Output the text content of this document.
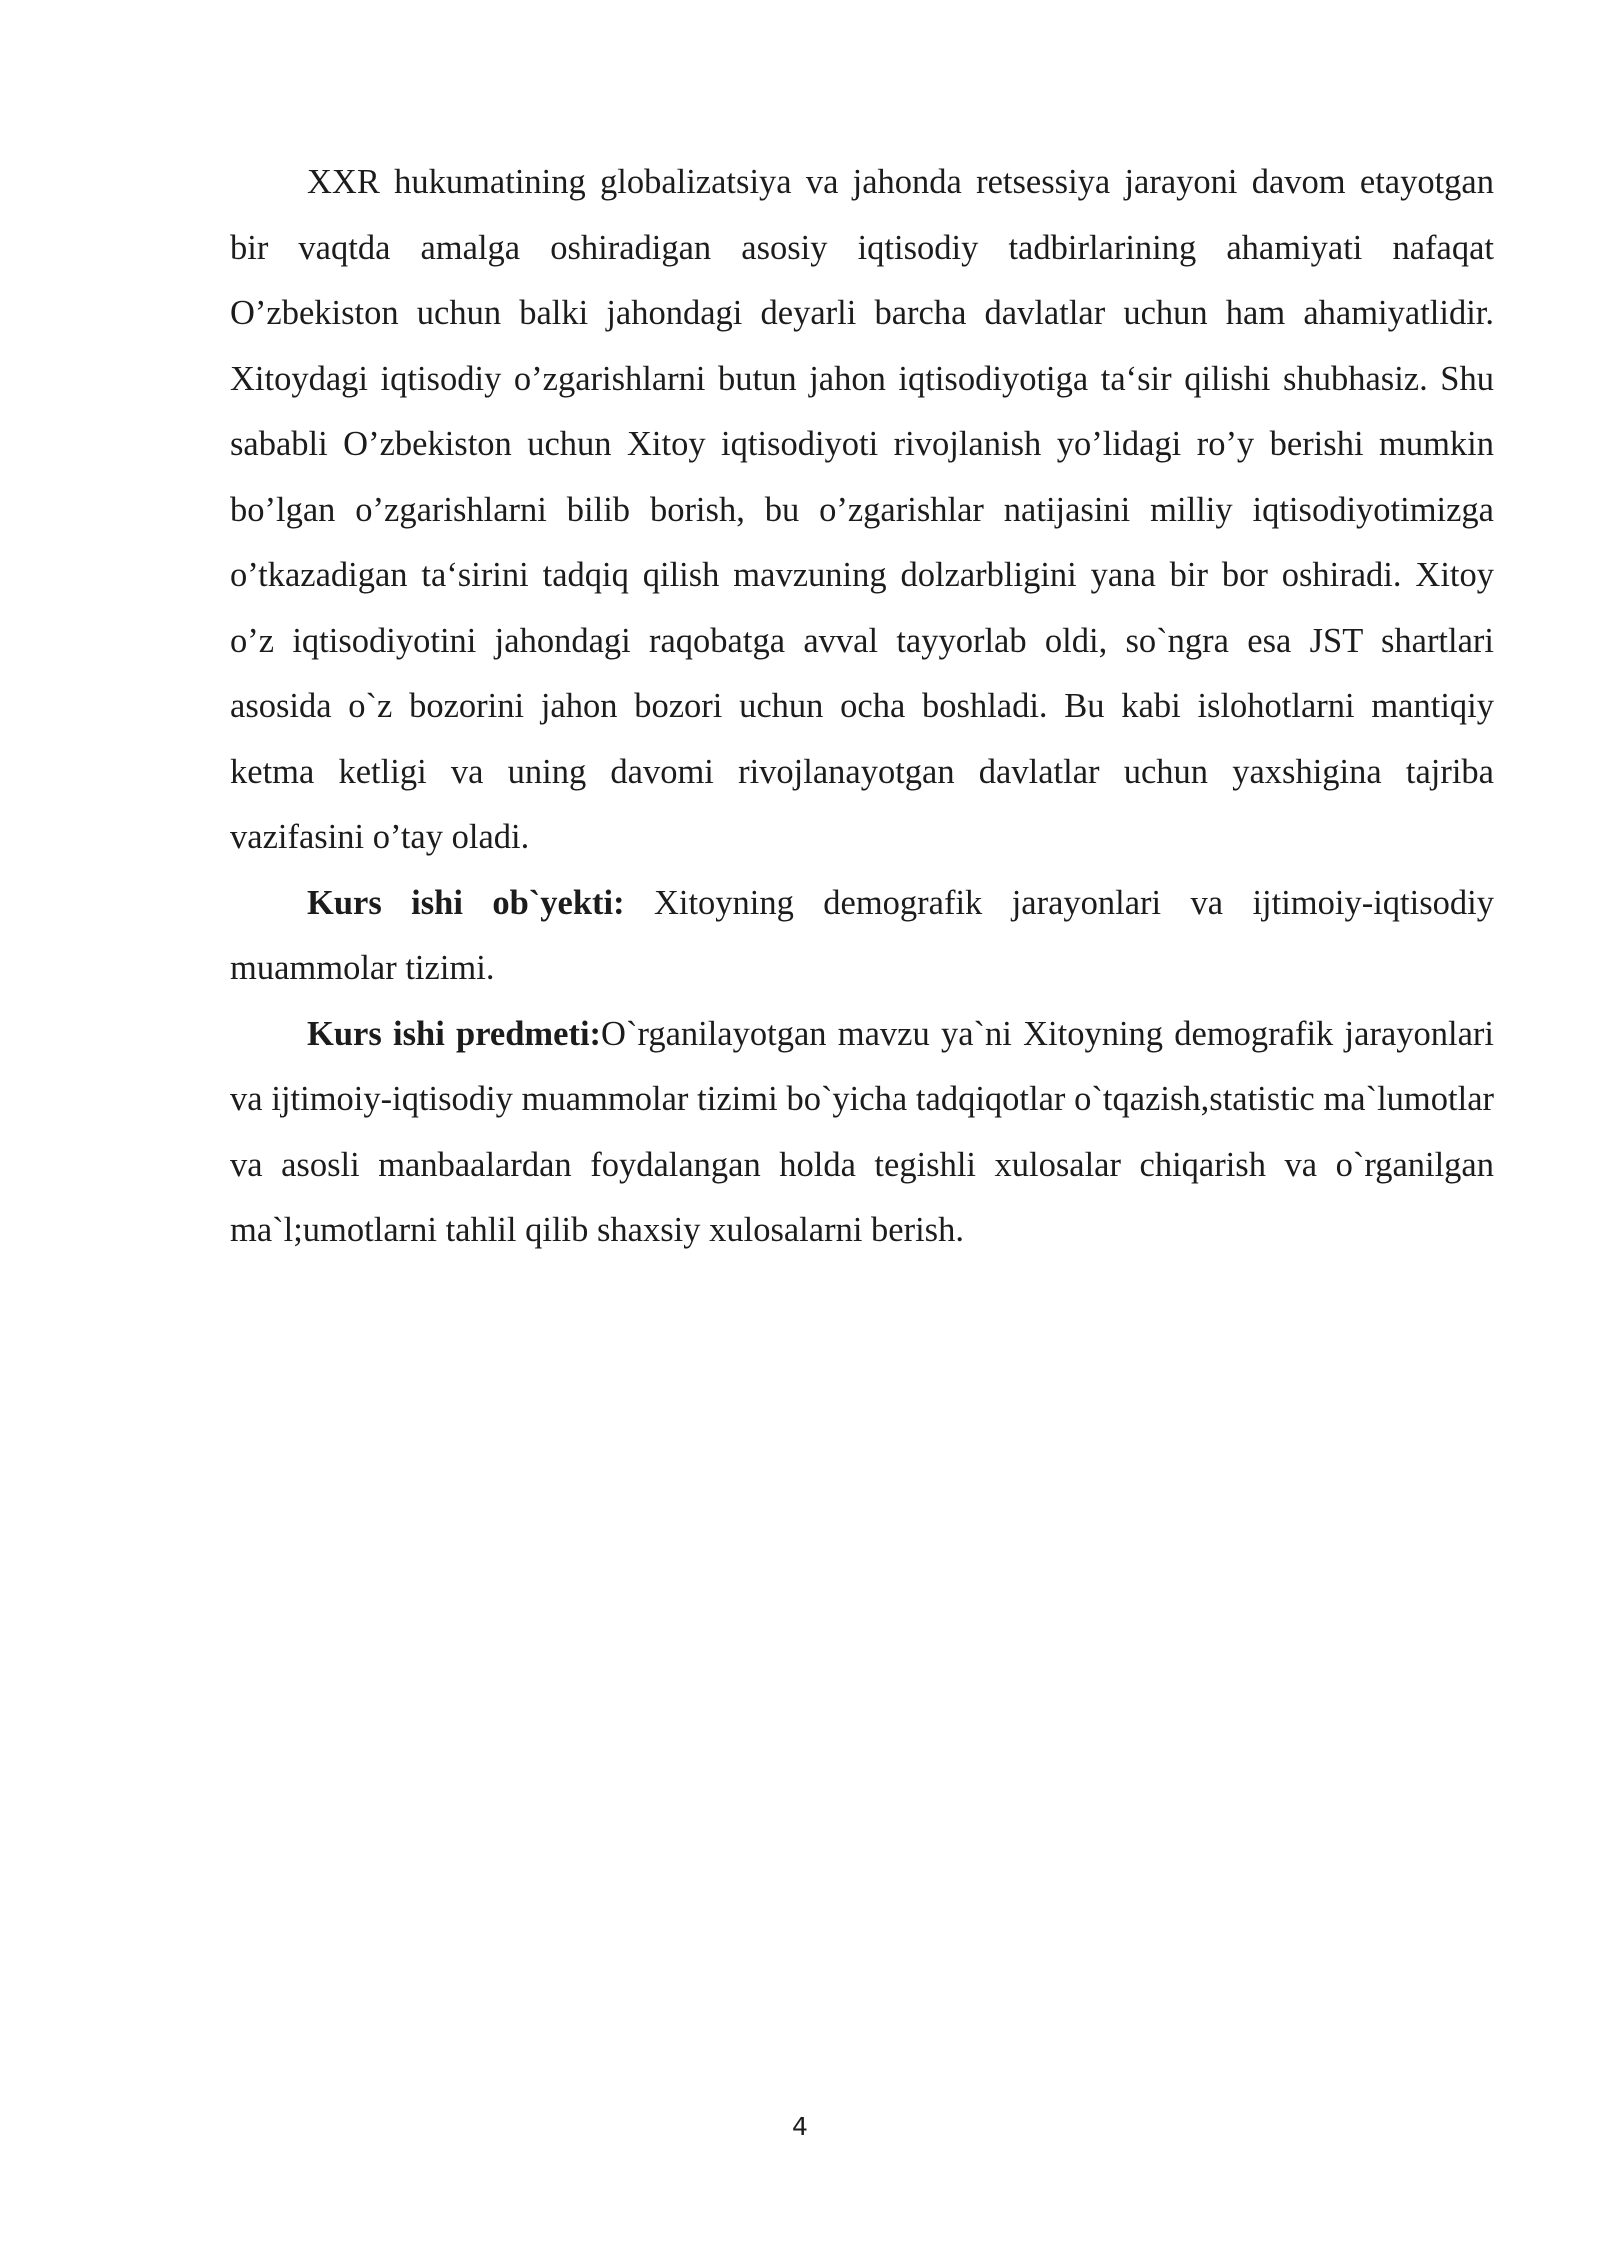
XXR hukumatining globalizatsiya va jahonda retsessiya jarayoni davom etayotgan bir vaqtda amalga oshiradigan asosiy iqtisodiy tadbirlarining ahamiyati nafaqat O’zbekiston uchun balki jahondagi deyarli barcha davlatlar uchun ham ahamiyatlidir. Xitoydagi iqtisodiy o’zgarishlarni butun jahon iqtisodiyotiga ta‘sir qilishi shubhasiz. Shu sababli O’zbekiston uchun Xitoy iqtisodiyoti rivojlanish yo’lidagi ro’y berishi mumkin bo’lgan o’zgarishlarni bilib borish, bu o’zgarishlar natijasini milliy iqtisodiyotimizga o’tkazadigan ta‘sirini tadqiq qilish mavzuning dolzarbligini yana bir bor oshiradi. Xitoy o’z iqtisodiyotini jahondagi raqobatga avval tayyorlab oldi, so`ngra esa JST shartlari asosida o`z bozorini jahon bozori uchun ocha boshladi. Bu kabi islohotlarni mantiqiy ketma ketligi va uning davomi rivojlanayotgan davlatlar uchun yaxshigina tajriba vazifasini o’tay oladi.

Kurs ishi ob`yekti: Xitoyning demografik jarayonlari va ijtimoiy-iqtisodiy muammolar tizimi.

Kurs ishi predmeti:O`rganilayotgan mavzu ya`ni Xitoyning demografik jarayonlari va ijtimoiy-iqtisodiy muammolar tizimi bo`yicha tadqiqotlar o`tqazish,statistic ma`lumotlar va asosli manbaalardan foydalangan holda tegishli xulosalar chiqarish va o`rganilgan ma`l;umotlarni tahlil qilib shaxsiy xulosalarni berish.

4
